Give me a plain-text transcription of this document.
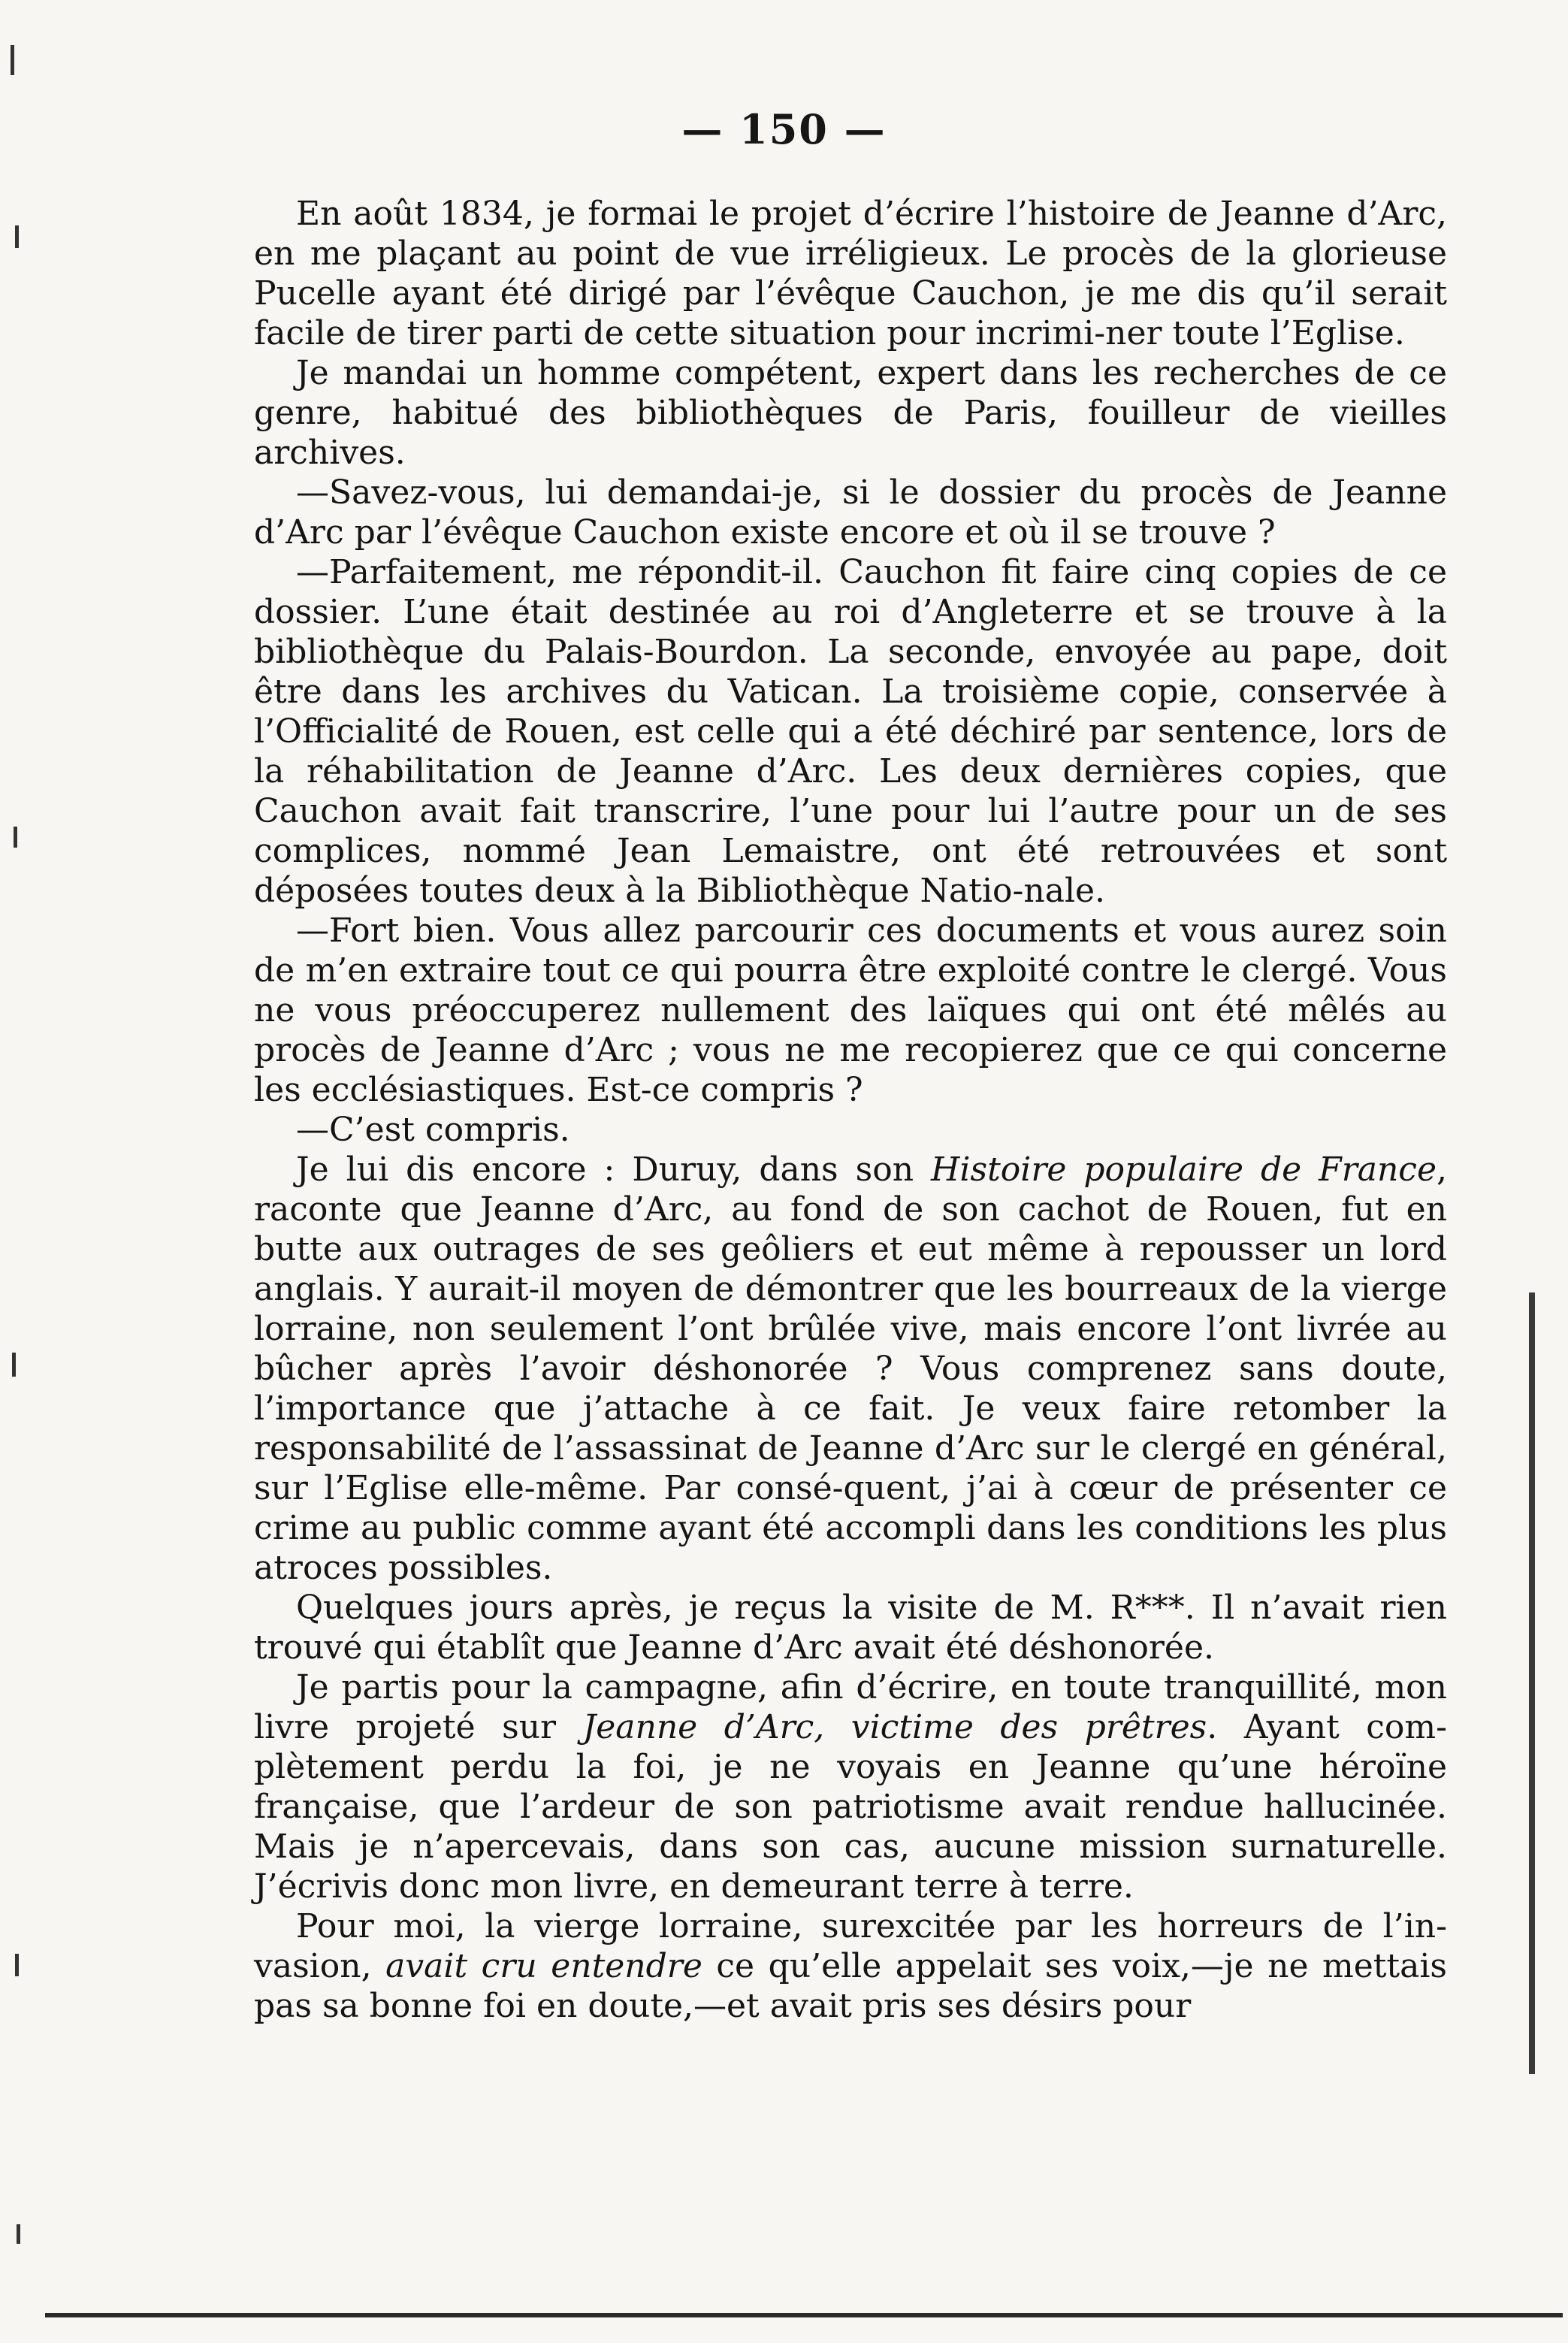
— 150 —

En août 1834, je formai le projet d’écrire l’histoire de Jeanne d’Arc, en me plaçant au point de vue irréligieux. Le procès de la glorieuse Pucelle ayant été dirigé par l’évêque Cauchon, je me dis qu’il serait facile de tirer parti de cette situation pour incrimi-ner toute l’Eglise.

Je mandai un homme compétent, expert dans les recherches de ce genre, habitué des bibliothèques de Paris, fouilleur de vieilles archives.

—Savez-vous, lui demandai-je, si le dossier du procès de Jeanne d’Arc par l’évêque Cauchon existe encore et où il se trouve ?

—Parfaitement, me répondit-il. Cauchon fit faire cinq copies de ce dossier. L’une était destinée au roi d’Angleterre et se trouve à la bibliothèque du Palais-Bourdon. La seconde, envoyée au pape, doit être dans les archives du Vatican. La troisième copie, conservée à l’Officialité de Rouen, est celle qui a été déchiré par sentence, lors de la réhabilitation de Jeanne d’Arc. Les deux dernières copies, que Cauchon avait fait transcrire, l’une pour lui l’autre pour un de ses complices, nommé Jean Lemaistre, ont été retrouvées et sont déposées toutes deux à la Bibliothèque Natio-nale.

—Fort bien. Vous allez parcourir ces documents et vous aurez soin de m’en extraire tout ce qui pourra être exploité contre le clergé. Vous ne vous préoccuperez nullement des laïques qui ont été mêlés au procès de Jeanne d’Arc ; vous ne me recopierez que ce qui concerne les ecclésiastiques. Est-ce compris ?

—C’est compris.

Je lui dis encore : Duruy, dans son Histoire populaire de France, raconte que Jeanne d’Arc, au fond de son cachot de Rouen, fut en butte aux outrages de ses geôliers et eut même à repousser un lord anglais. Y aurait-il moyen de démontrer que les bourreaux de la vierge lorraine, non seulement l’ont brûlée vive, mais encore l’ont livrée au bûcher après l’avoir déshonorée ? Vous comprenez sans doute, l’importance que j’attache à ce fait. Je veux faire retomber la responsabilité de l’assassinat de Jeanne d’Arc sur le clergé en général, sur l’Eglise elle-même. Par consé-quent, j’ai à cœur de présenter ce crime au public comme ayant été accompli dans les conditions les plus atroces possibles.

Quelques jours après, je reçus la visite de M. R***. Il n’avait rien trouvé qui établît que Jeanne d’Arc avait été déshonorée.

Je partis pour la campagne, afin d’écrire, en toute tranquillité, mon livre projeté sur Jeanne d’Arc, victime des prêtres. Ayant com-plètement perdu la foi, je ne voyais en Jeanne qu’une héroïne française, que l’ardeur de son patriotisme avait rendue hallucinée. Mais je n’apercevais, dans son cas, aucune mission surnaturelle. J’écrivis donc mon livre, en demeurant terre à terre.

Pour moi, la vierge lorraine, surexcitée par les horreurs de l’in-vasion, avait cru entendre ce qu’elle appelait ses voix,—je ne mettais pas sa bonne foi en doute,—et avait pris ses désirs pour
